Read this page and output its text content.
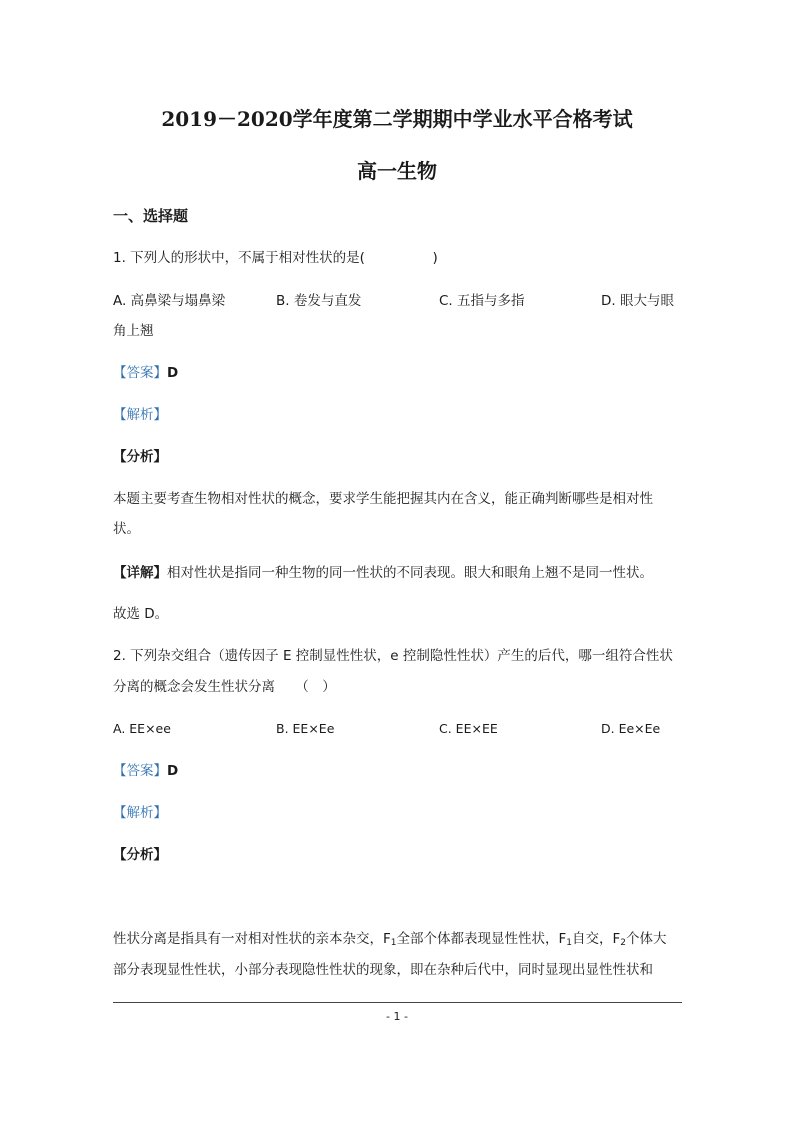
2019－2020学年度第二学期期中学业水平合格考试
高一生物
一、选择题
1. 下列人的形状中，不属于相对性状的是(　　　　　)
A. 高鼻梁与塌鼻梁	B. 卷发与直发	C. 五指与多指	D. 眼大与眼
角上翘
【答案】D
【解析】
【分析】
本题主要考查生物相对性状的概念，要求学生能把握其内在含义，能正确判断哪些是相对性
状。
【详解】相对性状是指同一种生物的同一性状的不同表现。眼大和眼角上翘不是同一性状。
故选 D。
2. 下列杂交组合（遗传因子 E 控制显性性状，e 控制隐性性状）产生的后代，哪一组符合性状
分离的概念会发生性状分离　　（　）
A. EE×ee	B. EE×Ee	C. EE×EE	D. Ee×Ee
【答案】D
【解析】
【分析】
性状分离是指具有一对相对性状的亲本杂交，$F_1$全部个体都表现显性性状，$F_1$自交，$F_2$个体大
部分表现显性性状，小部分表现隐性性状的现象，即在杂种后代中，同时显现出显性性状和
- 1 -
